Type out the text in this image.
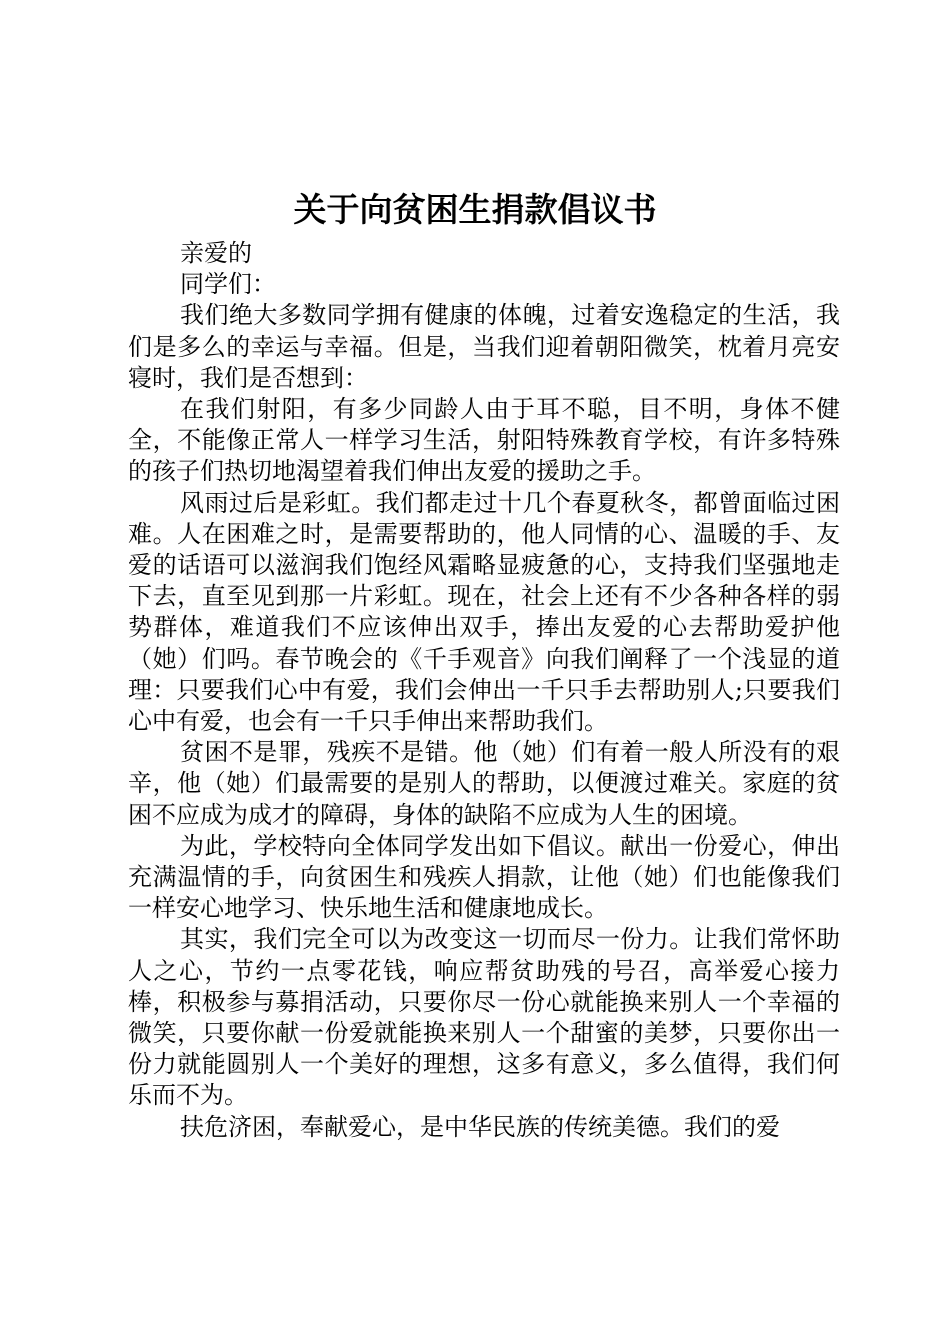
关于向贫困生捐款倡议书

亲爱的

同学们：

我们绝大多数同学拥有健康的体魄，过着安逸稳定的生活，我们是多么的幸运与幸福。但是，当我们迎着朝阳微笑，枕着月亮安寝时，我们是否想到：

在我们射阳，有多少同龄人由于耳不聪，目不明，身体不健全，不能像正常人一样学习生活，射阳特殊教育学校，有许多特殊的孩子们热切地渴望着我们伸出友爱的援助之手。

风雨过后是彩虹。我们都走过十几个春夏秋冬，都曾面临过困难。人在困难之时，是需要帮助的，他人同情的心、温暖的手、友爱的话语可以滋润我们饱经风霜略显疲惫的心，支持我们坚强地走下去，直至见到那一片彩虹。现在，社会上还有不少各种各样的弱势群体，难道我们不应该伸出双手，捧出友爱的心去帮助爱护他（她）们吗。春节晚会的《千手观音》向我们阐释了一个浅显的道理：只要我们心中有爱，我们会伸出一千只手去帮助别人;只要我们心中有爱，也会有一千只手伸出来帮助我们。

贫困不是罪，残疾不是错。他（她）们有着一般人所没有的艰辛，他（她）们最需要的是别人的帮助，以便渡过难关。家庭的贫困不应成为成才的障碍，身体的缺陷不应成为人生的困境。

为此，学校特向全体同学发出如下倡议。献出一份爱心，伸出充满温情的手，向贫困生和残疾人捐款，让他（她）们也能像我们一样安心地学习、快乐地生活和健康地成长。

其实，我们完全可以为改变这一切而尽一份力。让我们常怀助人之心，节约一点零花钱，响应帮贫助残的号召，高举爱心接力棒，积极参与募捐活动，只要你尽一份心就能换来别人一个幸福的微笑，只要你献一份爱就能换来别人一个甜蜜的美梦，只要你出一份力就能圆别人一个美好的理想，这多有意义，多么值得，我们何乐而不为。

扶危济困，奉献爱心，是中华民族的传统美德。我们的爱
